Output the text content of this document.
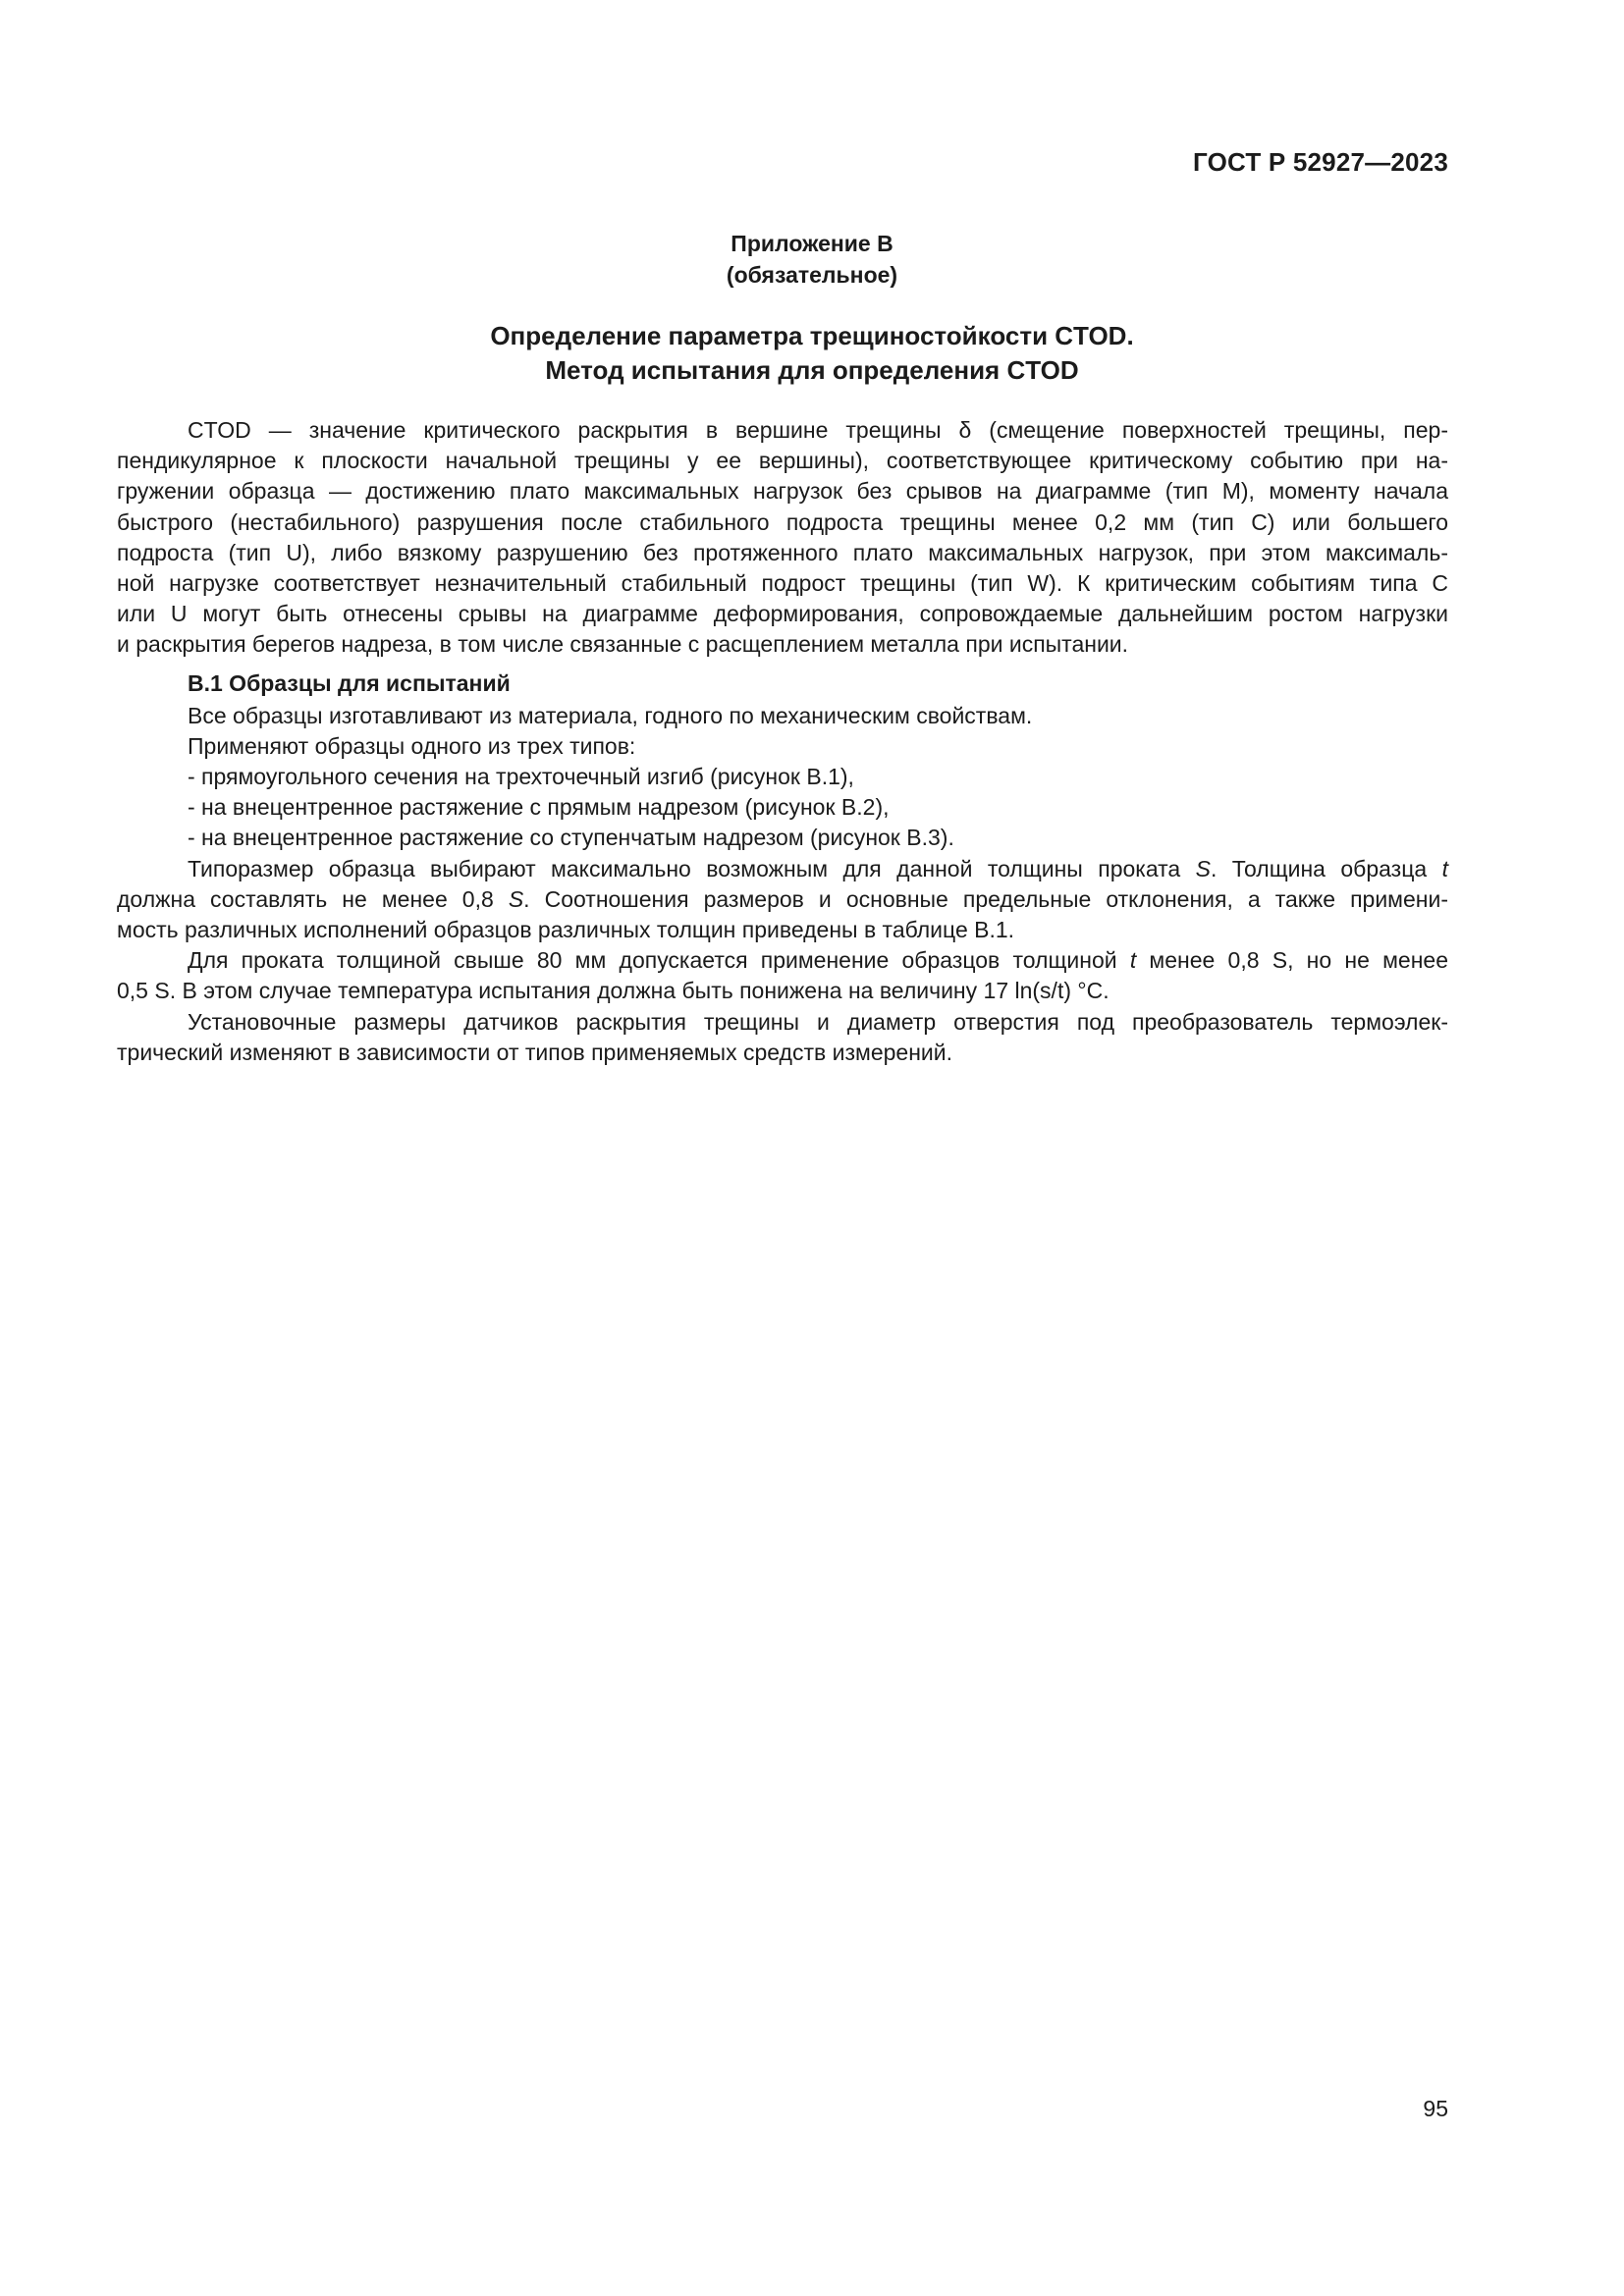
ГОСТ Р 52927—2023
Приложение В
(обязательное)
Определение параметра трещиностойкости CTOD.
Метод испытания для определения CTOD
CTOD — значение критического раскрытия в вершине трещины δ (смещение поверхностей трещины, пер-
пендикулярное к плоскости начальной трещины у ее вершины), соответствующее критическому событию при на-
гружении образца — достижению плато максимальных нагрузок без срывов на диаграмме (тип М), моменту начала
быстрого (нестабильного) разрушения после стабильного подроста трещины менее 0,2 мм (тип С) или большего
подроста (тип U), либо вязкому разрушению без протяженного плато максимальных нагрузок, при этом максималь-
ной нагрузке соответствует незначительный стабильный подрост трещины (тип W). К критическим событиям типа С
или U могут быть отнесены срывы на диаграмме деформирования, сопровождаемые дальнейшим ростом нагрузки
и раскрытия берегов надреза, в том числе связанные с расщеплением металла при испытании.
В.1 Образцы для испытаний
Все образцы изготавливают из материала, годного по механическим свойствам.
Применяют образцы одного из трех типов:
- прямоугольного сечения на трехточечный изгиб (рисунок В.1),
- на внецентренное растяжение с прямым надрезом (рисунок В.2),
- на внецентренное растяжение со ступенчатым надрезом (рисунок В.3).
Типоразмер образца выбирают максимально возможным для данной толщины проката S. Толщина образца t
должна составлять не менее 0,8 S. Соотношения размеров и основные предельные отклонения, а также примени-
мость различных исполнений образцов различных толщин приведены в таблице В.1.
Для проката толщиной свыше 80 мм допускается применение образцов толщиной t менее 0,8 S, но не менее
0,5 S. В этом случае температура испытания должна быть понижена на величину 17 ln(s/t) °С.
Установочные размеры датчиков раскрытия трещины и диаметр отверстия под преобразователь термоэлек-
трический изменяют в зависимости от типов применяемых средств измерений.
95
